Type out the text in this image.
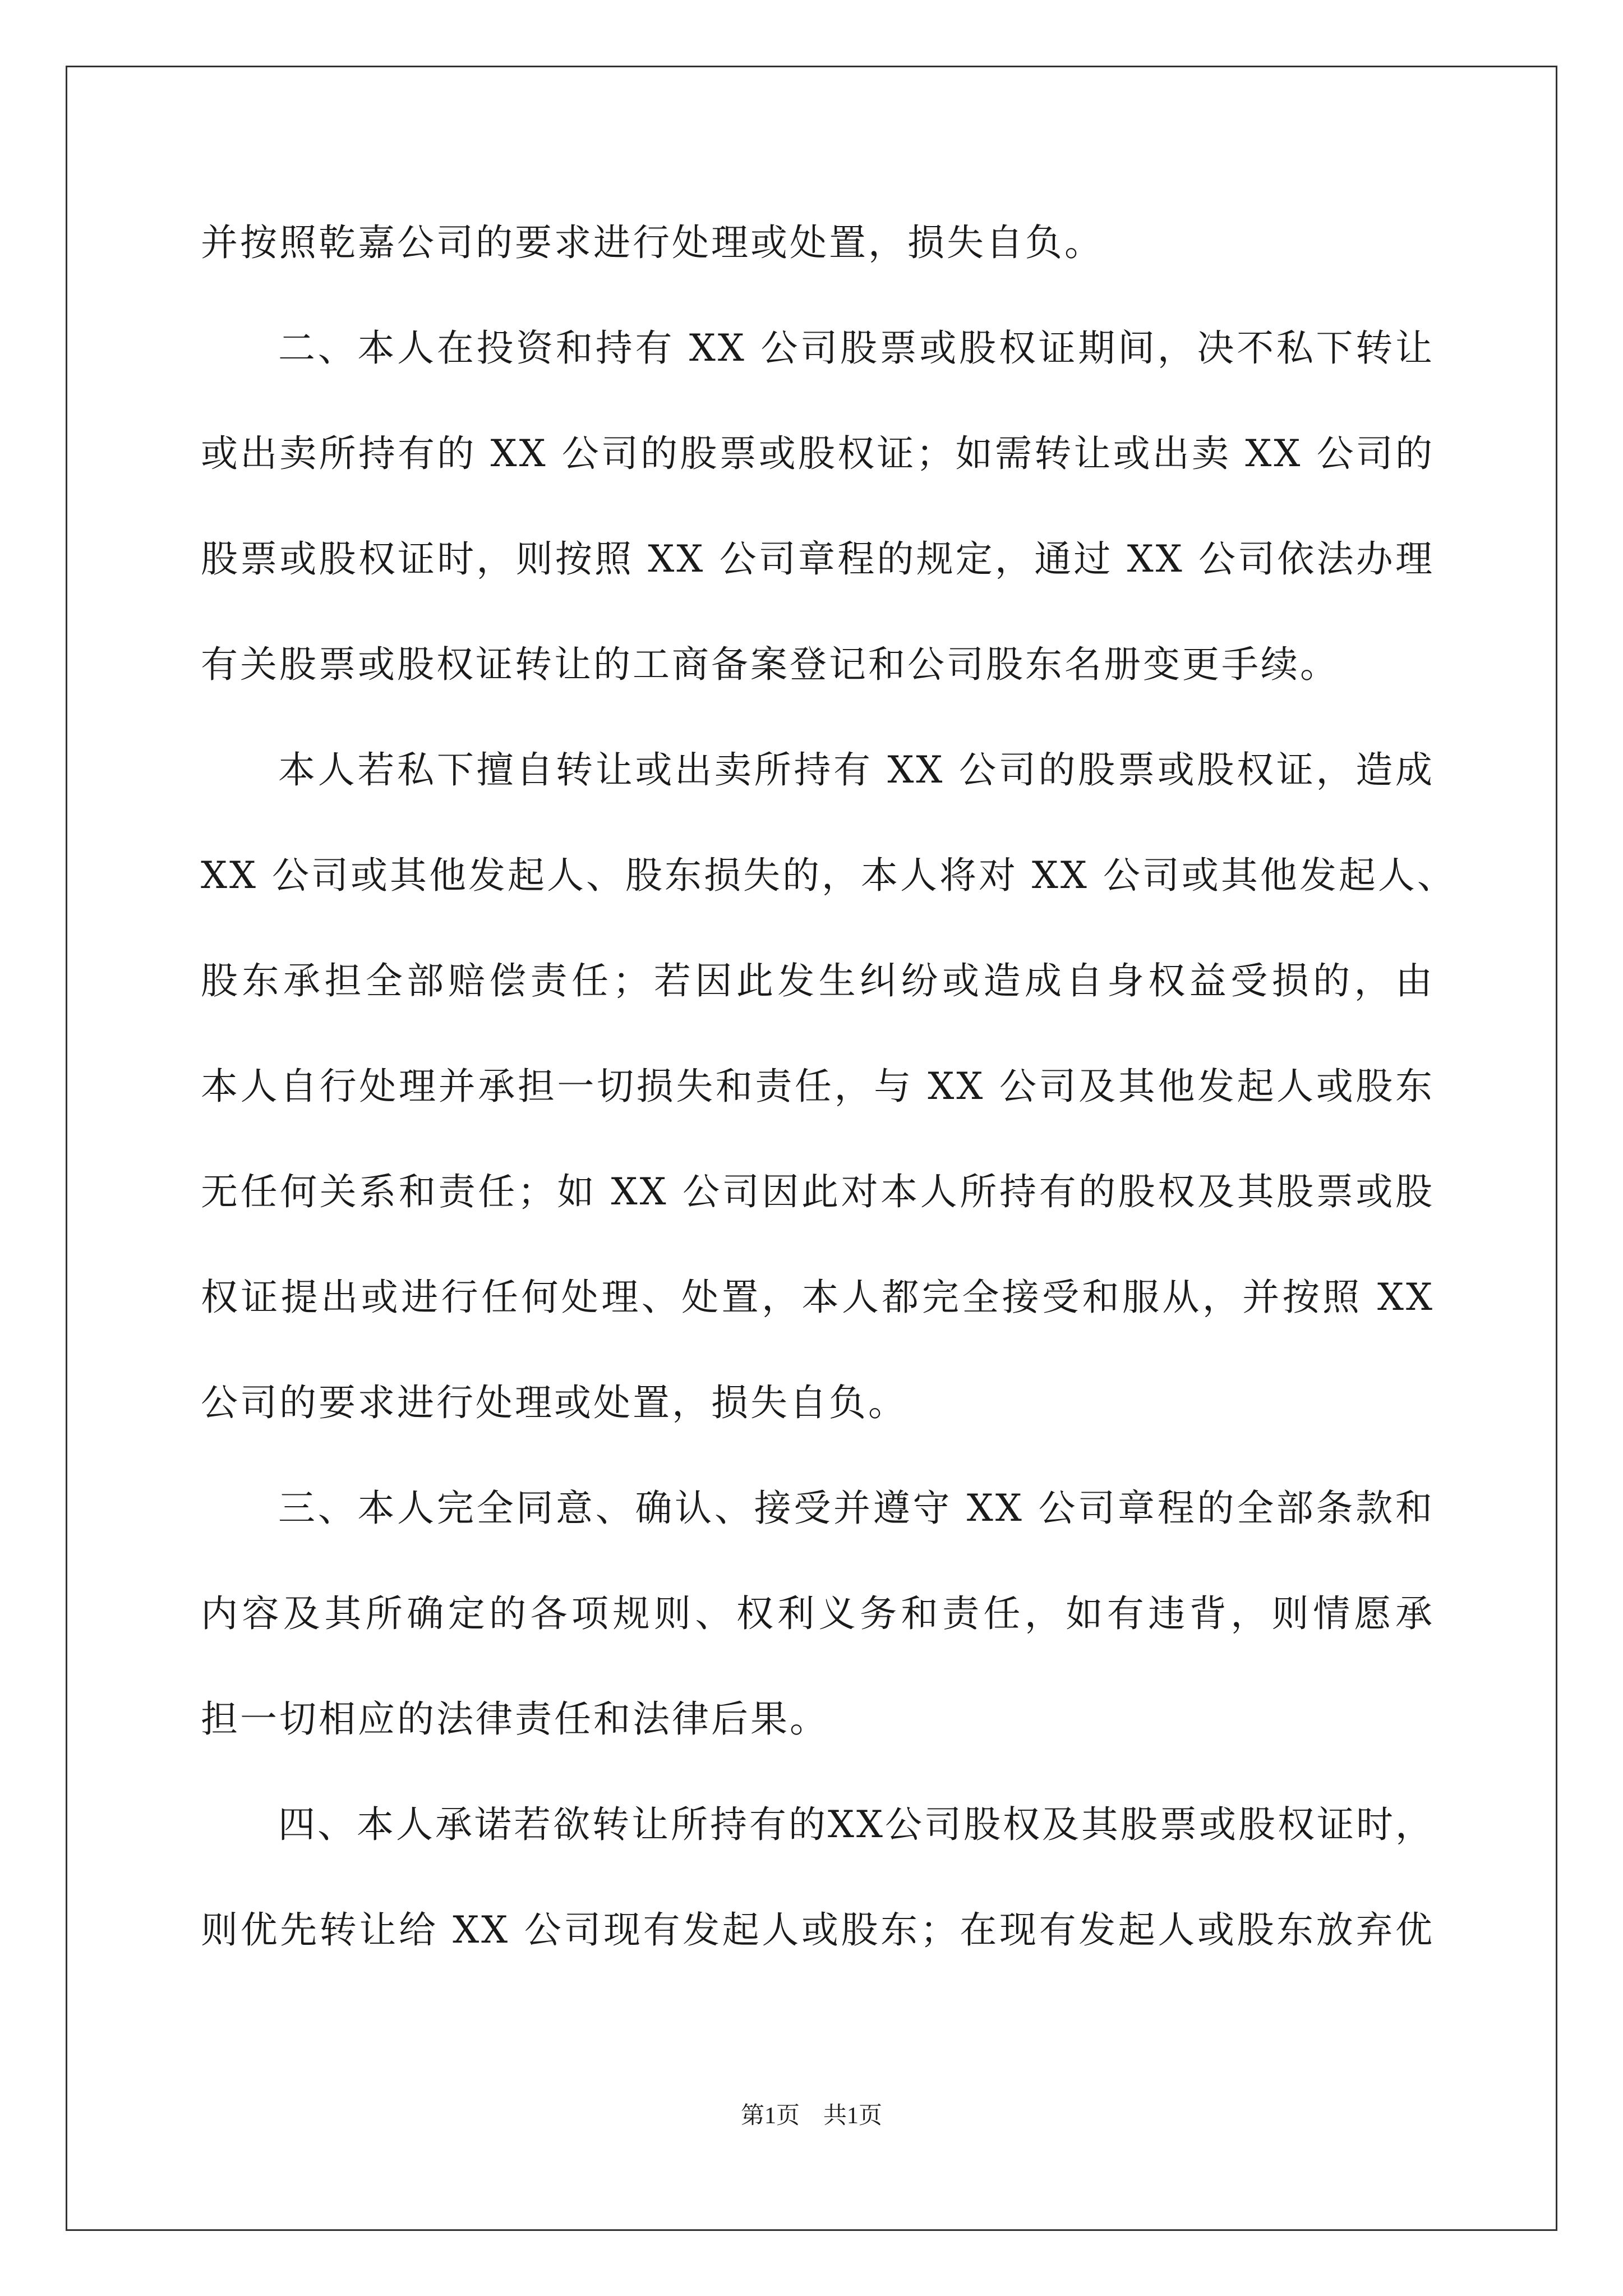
并按照乾嘉公司的要求进行处理或处置，损失自负。
二、本人在投资和持有 XX 公司股票或股权证期间，决不私下转让
或出卖所持有的 XX 公司的股票或股权证；如需转让或出卖 XX 公司的
股票或股权证时，则按照 XX 公司章程的规定，通过 XX 公司依法办理
有关股票或股权证转让的工商备案登记和公司股东名册变更手续。
本人若私下擅自转让或出卖所持有 XX 公司的股票或股权证，造成
XX 公司或其他发起人、股东损失的，本人将对 XX 公司或其他发起人、
股东承担全部赔偿责任；若因此发生纠纷或造成自身权益受损的，由
本人自行处理并承担一切损失和责任，与 XX 公司及其他发起人或股东
无任何关系和责任；如 XX 公司因此对本人所持有的股权及其股票或股
权证提出或进行任何处理、处置，本人都完全接受和服从，并按照 XX
公司的要求进行处理或处置，损失自负。
三、本人完全同意、确认、接受并遵守 XX 公司章程的全部条款和
内容及其所确定的各项规则、权利义务和责任，如有违背，则情愿承
担一切相应的法律责任和法律后果。
四、本人承诺若欲转让所持有的XX公司股权及其股票或股权证时，
则优先转让给 XX 公司现有发起人或股东；在现有发起人或股东放弃优
第1页　共1页
